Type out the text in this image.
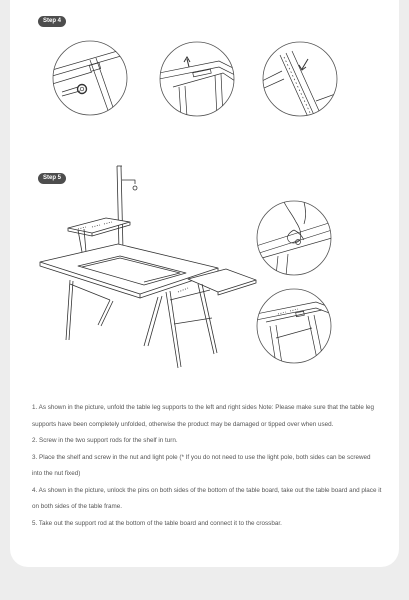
Step 4
Step 5

1. As shown in the picture, unfold the table leg supports to the left and right sides Note: Please make sure that the table leg supports have been completely unfolded, otherwise the product may be damaged or tipped over when used.

2. Screw in the two support rods for the shelf in turn.

3. Place the shelf and screw in the nut and light pole (* If you do not need to use the light pole, both sides can be screwed into the nut fixed)

4. As shown in the picture, unlock the pins on both sides of the bottom of the table board, take out the table board and place it on both sides of the table frame.

5. Take out the support rod at the bottom of the table board and connect it to the crossbar.
